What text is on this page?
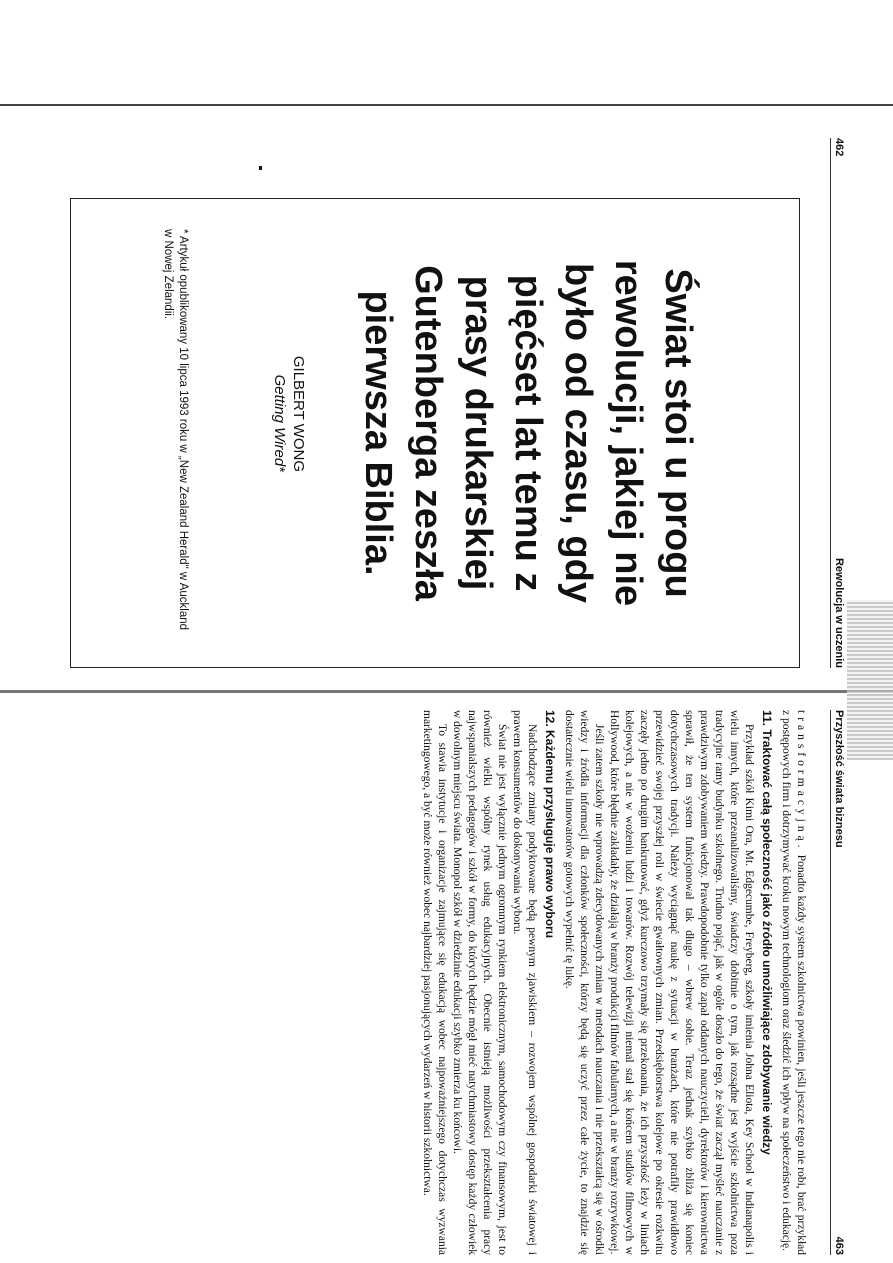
462
Rewolucja w uczeniu

Świat stoi u progu rewolucji, jakiej nie było od czasu, gdy pięćset lat temu z prasy drukarskiej Gutenberga zeszła pierwsza Biblia.

GILBERT WONG
Getting Wired*
* Artykuł opublikowany 10 lipca 1993 roku w „New Zealand Herald" w Auckland w Nowej Zelandii.
Przyszłość świata biznesu
463

transformacyjną. Ponadto każdy system szkolnictwa powinien, jeśli jeszcze tego nie robi, brać przykład z postępowych firm i dotrzymywać kroku nowym technologiom oraz śledzić ich wpływ na społeczeństwo i edukację.

11. Traktować całą społeczność jako źródło umożliwiające zdobywanie wiedzy

Przykład szkół Kimi Ora, Mt. Edgecumbe, Freyberg, szkoły imienia Johna Eliota, Key School w Indianapolis i wielu innych, które przeanalizowaliśmy, świadczy dobitnie o tym, jak rozsądne jest wyjście szkolnictwa poza tradycyjne ramy budynku szkolnego. Trudno pojąć, jak w ogóle doszło do tego, że świat zaczął myśleć nauczanie z prawdziwym zdobywaniem wiedzy. Prawdopodobnie tylko zapał oddanych nauczycieli, dyrektorów i kierownictwa sprawił, że ten system funkcjonował tak długo – wbrew sobie. Teraz jednak szybko zbliża się koniec dotychczasowych tradycji. Należy wyciągnąć naukę z sytuacji w branżach, które nie potrafiły prawidłowo przewidzieć swojej przyszłej roli w świecie gwałtownych zmian. Przedsiębiorstwa kolejowe po okresie rozkwitu zaczęły jedno po drugim bankrutować, gdyż kurczowo trzymały się przekonania, że ich przyszłość leży w liniach kolejowych, a nie w wożeniu ludzi i towarów. Rozwój telewizji niemal stał się końcem studiów filmowych w Hollywood, które błędnie zakładały, że działają w branży produkcji filmów fabularnych, a nie w branży rozrywkowej.

Jeśli zatem szkoły nie wprowadzą zdecydowanych zmian w metodach nauczania i nie przekształcą się w ośrodki wiedzy i źródła informacji dla członków społeczności, którzy będą się uczyć przez całe życie, to znajdzie się dostatecznie wielu innowatorów gotowych wypełnić tę lukę.

12. Każdemu przysługuje prawo wyboru

Nadchodzące zmiany podyktowane będą pewnym zjawiskiem – rozwojem wspólnej gospodarki światowej i prawem konsumentów do dokonywania wyboru.

Świat nie jest wyłącznie jednym ogromnym rynkiem elektronicznym, samochodowym czy finansowym, jest to również wielki wspólny rynek usług edukacyjnych. Obecnie istnieją możliwości przekształcenia pracy najwspanialszych pedagogów i szkół w formy, do których będzie mógł mieć natychmiastowy dostęp każdy człowiek w dowolnym miejscu świata. Monopol szkół w dziedzinie edukacji szybko zmierza ku końcowi.

To stawia instytucje i organizacje zajmujące się edukacją wobec najpoważniejszego dotychczas wyzwania marketingowego, a być może również wobec najbardziej pasjonujących wydarzeń w historii szkolnictwa.
